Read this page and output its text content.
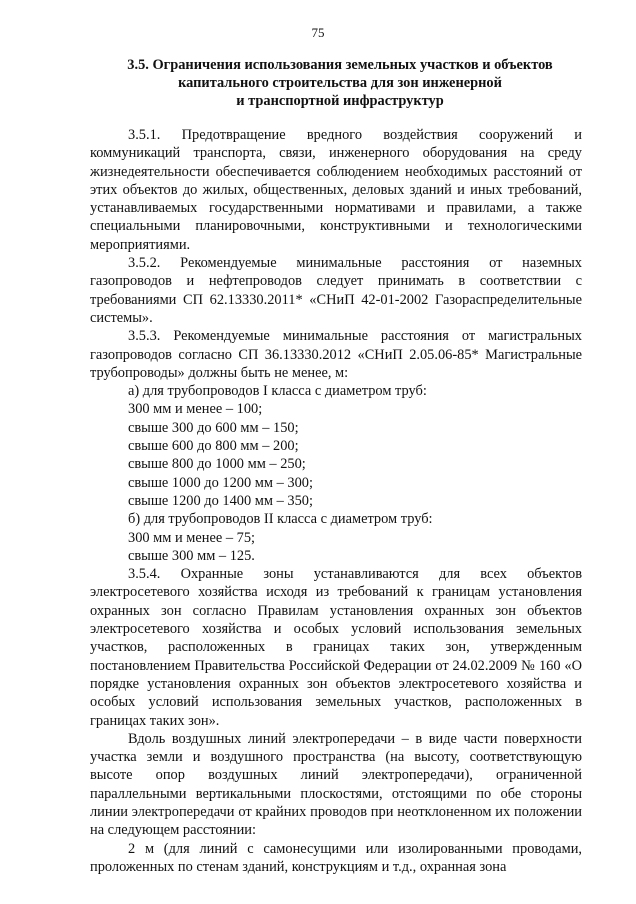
75
3.5. Ограничения использования земельных участков и объектов
капитального строительства для зон инженерной
и транспортной инфраструктур

3.5.1. Предотвращение вредного воздействия сооружений и коммуникаций транспорта, связи, инженерного оборудования на среду жизнедеятельности обеспечивается соблюдением необходимых расстояний от этих объектов до жилых, общественных, деловых зданий и иных требований, устанавливаемых государственными нормативами и правилами, а также специальными планировочными, конструктивными и технологическими мероприятиями.

3.5.2. Рекомендуемые минимальные расстояния от наземных газопроводов и нефтепроводов следует принимать в соответствии с требованиями СП 62.13330.2011* «СНиП 42-01-2002 Газораспределительные системы».

3.5.3. Рекомендуемые минимальные расстояния от магистральных газопроводов согласно СП 36.13330.2012 «СНиП 2.05.06-85* Магистральные трубопроводы» должны быть не менее, м:

а) для трубопроводов I класса с диаметром труб:

300 мм и менее – 100;

свыше 300 до 600 мм – 150;

свыше 600 до 800 мм – 200;

свыше 800 до 1000 мм – 250;

свыше 1000 до 1200 мм – 300;

свыше 1200 до 1400 мм – 350;

б) для трубопроводов II класса с диаметром труб:

300 мм и менее – 75;

свыше 300 мм – 125.

3.5.4. Охранные зоны устанавливаются для всех объектов электросетевого хозяйства исходя из требований к границам установления охранных зон согласно Правилам установления охранных зон объектов электросетевого хозяйства и особых условий использования земельных участков, расположенных в границах таких зон, утвержденным постановлением Правительства Российской Федерации от 24.02.2009 № 160 «О порядке установления охранных зон объектов электросетевого хозяйства и особых условий использования земельных участков, расположенных в границах таких зон».

Вдоль воздушных линий электропередачи – в виде части поверхности участка земли и воздушного пространства (на высоту, соответствующую высоте опор воздушных линий электропередачи), ограниченной параллельными вертикальными плоскостями, отстоящими по обе стороны линии электропередачи от крайних проводов при неотклоненном их положении на следующем расстоянии:

2 м (для линий с самонесущими или изолированными проводами, проложенных по стенам зданий, конструкциям и т.д., охранная зона
